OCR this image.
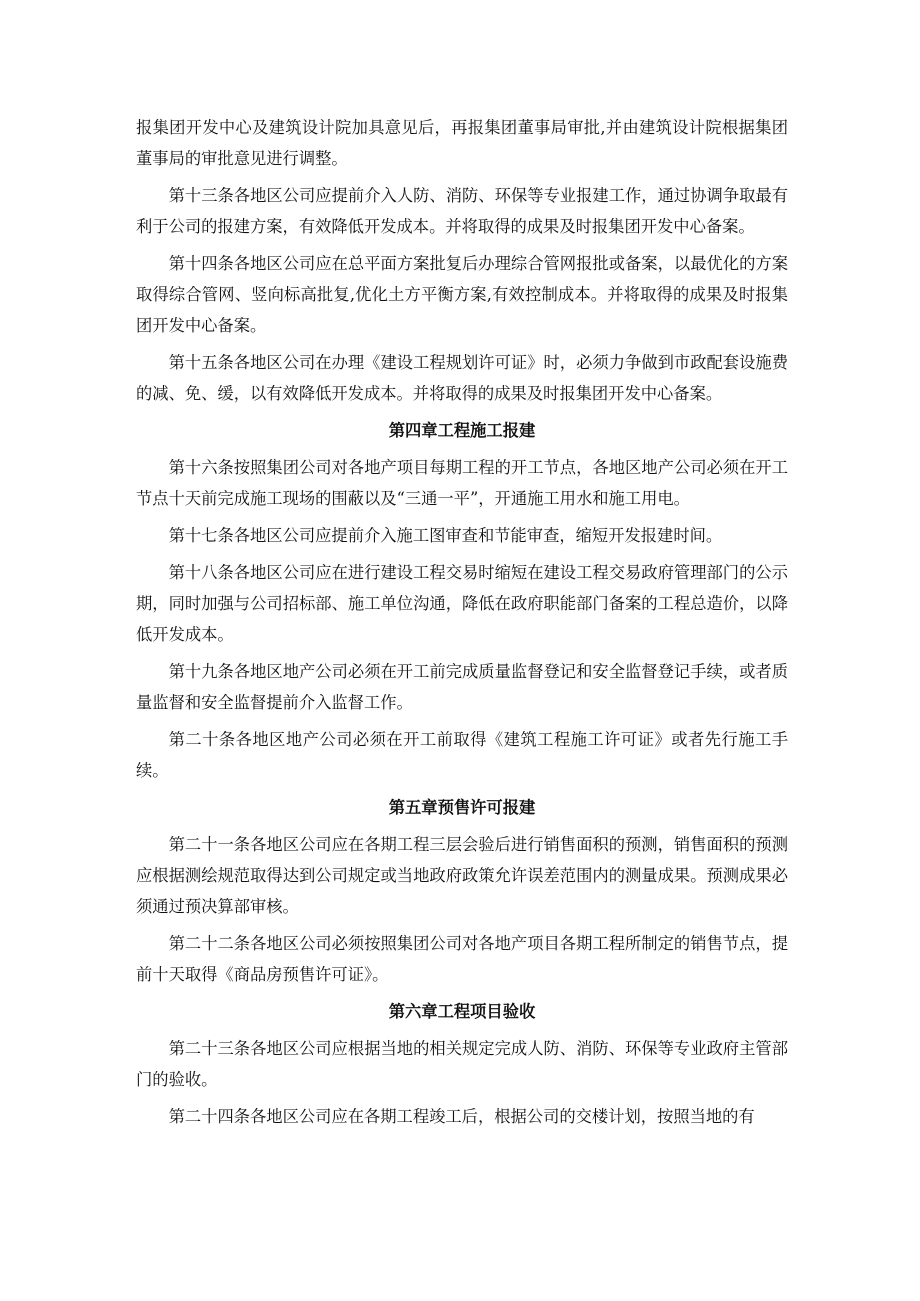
报集团开发中心及建筑设计院加具意见后，再报集团董事局审批,并由建筑设计院根据集团董事局的审批意见进行调整。

第十三条各地区公司应提前介入人防、消防、环保等专业报建工作，通过协调争取最有利于公司的报建方案，有效降低开发成本。并将取得的成果及时报集团开发中心备案。

第十四条各地区公司应在总平面方案批复后办理综合管网报批或备案，以最优化的方案取得综合管网、竖向标高批复,优化土方平衡方案,有效控制成本。并将取得的成果及时报集团开发中心备案。

第十五条各地区公司在办理《建设工程规划许可证》时，必须力争做到市政配套设施费的减、免、缓，以有效降低开发成本。并将取得的成果及时报集团开发中心备案。

第四章工程施工报建

第十六条按照集团公司对各地产项目每期工程的开工节点，各地区地产公司必须在开工节点十天前完成施工现场的围蔽以及“三通一平”，开通施工用水和施工用电。

第十七条各地区公司应提前介入施工图审查和节能审查，缩短开发报建时间。

第十八条各地区公司应在进行建设工程交易时缩短在建设工程交易政府管理部门的公示期，同时加强与公司招标部、施工单位沟通，降低在政府职能部门备案的工程总造价，以降低开发成本。

第十九条各地区地产公司必须在开工前完成质量监督登记和安全监督登记手续，或者质量监督和安全监督提前介入监督工作。

第二十条各地区地产公司必须在开工前取得《建筑工程施工许可证》或者先行施工手续。

第五章预售许可报建

第二十一条各地区公司应在各期工程三层会验后进行销售面积的预测，销售面积的预测应根据测绘规范取得达到公司规定或当地政府政策允许误差范围内的测量成果。预测成果必须通过预决算部审核。

第二十二条各地区公司必须按照集团公司对各地产项目各期工程所制定的销售节点，提前十天取得《商品房预售许可证》。

第六章工程项目验收

第二十三条各地区公司应根据当地的相关规定完成人防、消防、环保等专业政府主管部门的验收。

第二十四条各地区公司应在各期工程竣工后，根据公司的交楼计划，按照当地的有
